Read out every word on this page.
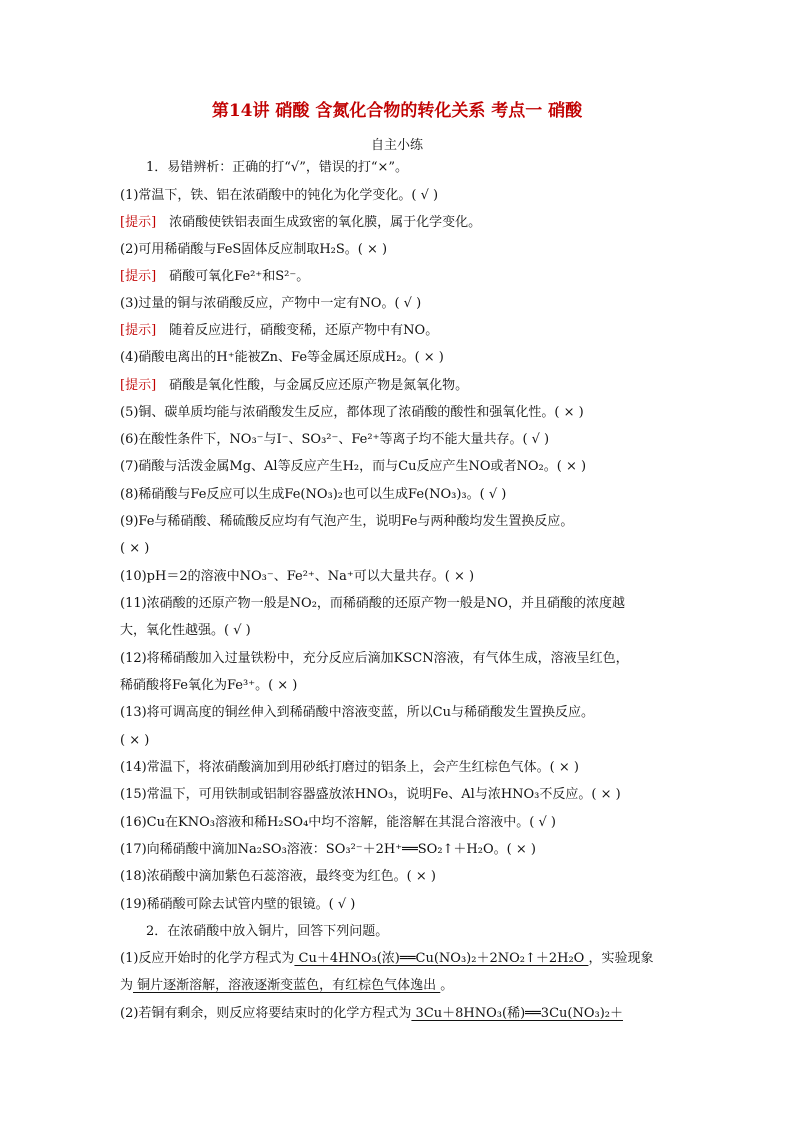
第14讲 硝酸 含氮化合物的转化关系 考点一 硝酸
自主小练
1．易错辨析：正确的打“√”，错误的打“×”。
(1)常温下，铁、铝在浓硝酸中的钝化为化学变化。( √ )
[提示]　 浓硝酸使铁铝表面生成致密的氧化膜，属于化学变化。
(2)可用稀硝酸与FeS固体反应制取H₂S。( × )
[提示]　 硝酸可氧化Fe²⁺和S²⁻。
(3)过量的铜与浓硝酸反应，产物中一定有NO。( √ )
[提示]　 随着反应进行，硝酸变稀，还原产物中有NO。
(4)硝酸电离出的H⁺能被Zn、Fe等金属还原成H₂。( × )
[提示]　 硝酸是氧化性酸，与金属反应还原产物是氮氧化物。
(5)铜、碳单质均能与浓硝酸发生反应，都体现了浓硝酸的酸性和强氧化性。( × )
(6)在酸性条件下，NO₃⁻与I⁻、SO₃²⁻、Fe²⁺等离子均不能大量共存。( √ )
(7)硝酸与活泼金属Mg、Al等反应产生H₂，而与Cu反应产生NO或者NO₂。( × )
(8)稀硝酸与Fe反应可以生成Fe(NO₃)₂也可以生成Fe(NO₃)₃。( √ )
(9)Fe与稀硝酸、稀硫酸反应均有气泡产生，说明Fe与两种酸均发生置换反应。
( × )
(10)pH＝2的溶液中NO₃⁻、Fe²⁺、Na⁺可以大量共存。( × )
(11)浓硝酸的还原产物一般是NO₂，而稀硝酸的还原产物一般是NO，并且硝酸的浓度越
大，氧化性越强。( √ )
(12)将稀硝酸加入过量铁粉中，充分反应后滴加KSCN溶液，有气体生成，溶液呈红色，
稀硝酸将Fe氧化为Fe³⁺。( × )
(13)将可调高度的铜丝伸入到稀硝酸中溶液变蓝，所以Cu与稀硝酸发生置换反应。
( × )
(14)常温下，将浓硝酸滴加到用砂纸打磨过的铝条上，会产生红棕色气体。( × )
(15)常温下，可用铁制或铝制容器盛放浓HNO₃，说明Fe、Al与浓HNO₃不反应。( × )
(16)Cu在KNO₃溶液和稀H₂SO₄中均不溶解，能溶解在其混合溶液中。( √ )
(17)向稀硝酸中滴加Na₂SO₃溶液：SO₃²⁻＋2H⁺══SO₂↑＋H₂O。( × )
(18)浓硝酸中滴加紫色石蕊溶液，最终变为红色。( × )
(19)稀硝酸可除去试管内壁的银镜。( √ )
2．在浓硝酸中放入铜片，回答下列问题。
(1)反应开始时的化学方程式为 Cu＋4HNO₃(浓)══Cu(NO₃)₂＋2NO₂↑＋2H₂O ，实验现象
为 铜片逐渐溶解，溶液逐渐变蓝色，有红棕色气体逸出 。
(2)若铜有剩余，则反应将要结束时的化学方程式为 3Cu＋8HNO₃(稀)══3Cu(NO₃)₂＋
